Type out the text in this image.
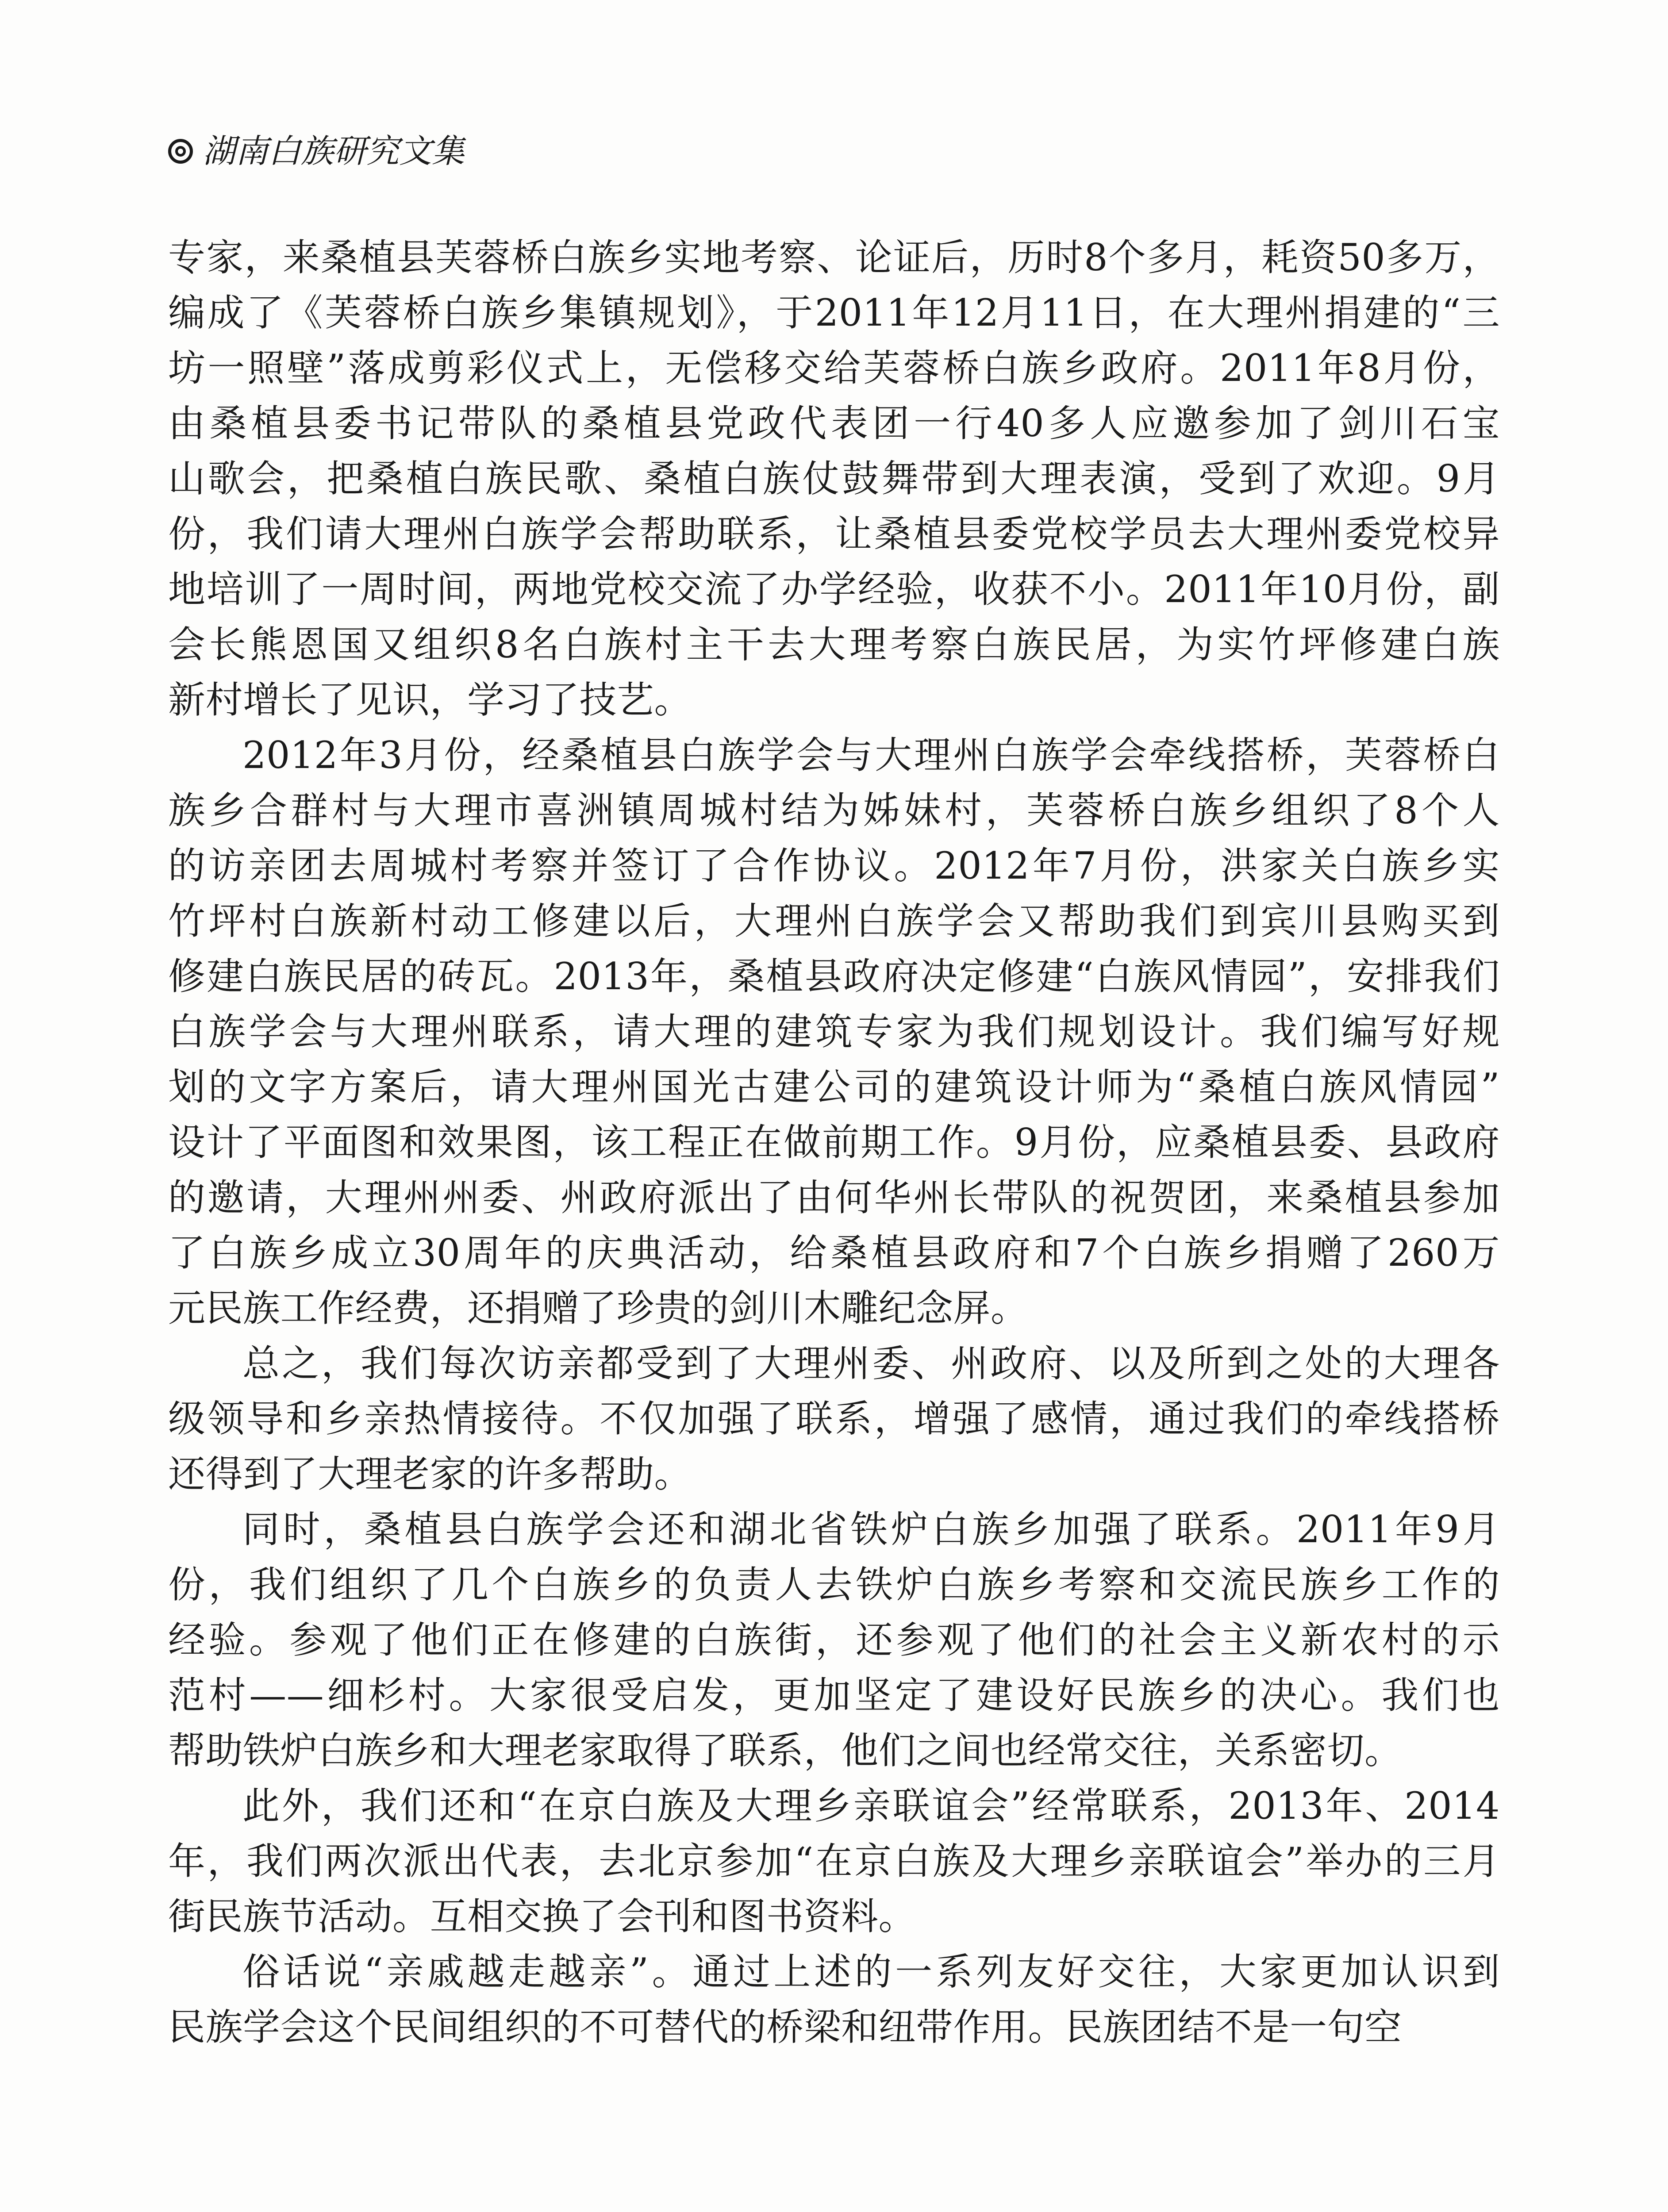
湖南白族研究文集
专家，来桑植县芙蓉桥白族乡实地考察、论证后，历时8个多月，耗资50多万，
编成了《芙蓉桥白族乡集镇规划》，于2011年12月11日，在大理州捐建的“三
坊一照壁”落成剪彩仪式上，无偿移交给芙蓉桥白族乡政府。2011年8月份，
由桑植县委书记带队的桑植县党政代表团一行40多人应邀参加了剑川石宝
山歌会，把桑植白族民歌、桑植白族仗鼓舞带到大理表演，受到了欢迎。9月
份，我们请大理州白族学会帮助联系，让桑植县委党校学员去大理州委党校异
地培训了一周时间，两地党校交流了办学经验，收获不小。2011年10月份，副
会长熊恩国又组织8名白族村主干去大理考察白族民居，为实竹坪修建白族
新村增长了见识，学习了技艺。
2012年3月份，经桑植县白族学会与大理州白族学会牵线搭桥，芙蓉桥白
族乡合群村与大理市喜洲镇周城村结为姊妹村，芙蓉桥白族乡组织了8个人
的访亲团去周城村考察并签订了合作协议。2012年7月份，洪家关白族乡实
竹坪村白族新村动工修建以后，大理州白族学会又帮助我们到宾川县购买到
修建白族民居的砖瓦。2013年，桑植县政府决定修建“白族风情园”，安排我们
白族学会与大理州联系，请大理的建筑专家为我们规划设计。我们编写好规
划的文字方案后，请大理州国光古建公司的建筑设计师为“桑植白族风情园”
设计了平面图和效果图，该工程正在做前期工作。9月份，应桑植县委、县政府
的邀请，大理州州委、州政府派出了由何华州长带队的祝贺团，来桑植县参加
了白族乡成立30周年的庆典活动，给桑植县政府和7个白族乡捐赠了260万
元民族工作经费，还捐赠了珍贵的剑川木雕纪念屏。
总之，我们每次访亲都受到了大理州委、州政府、以及所到之处的大理各
级领导和乡亲热情接待。不仅加强了联系，增强了感情，通过我们的牵线搭桥
还得到了大理老家的许多帮助。
同时，桑植县白族学会还和湖北省铁炉白族乡加强了联系。2011年9月
份，我们组织了几个白族乡的负责人去铁炉白族乡考察和交流民族乡工作的
经验。参观了他们正在修建的白族街，还参观了他们的社会主义新农村的示
范村——细杉村。大家很受启发，更加坚定了建设好民族乡的决心。我们也
帮助铁炉白族乡和大理老家取得了联系，他们之间也经常交往，关系密切。
此外，我们还和“在京白族及大理乡亲联谊会”经常联系，2013年、2014
年，我们两次派出代表，去北京参加“在京白族及大理乡亲联谊会”举办的三月
街民族节活动。互相交换了会刊和图书资料。
俗话说“亲戚越走越亲”。通过上述的一系列友好交往，大家更加认识到
民族学会这个民间组织的不可替代的桥梁和纽带作用。民族团结不是一句空
